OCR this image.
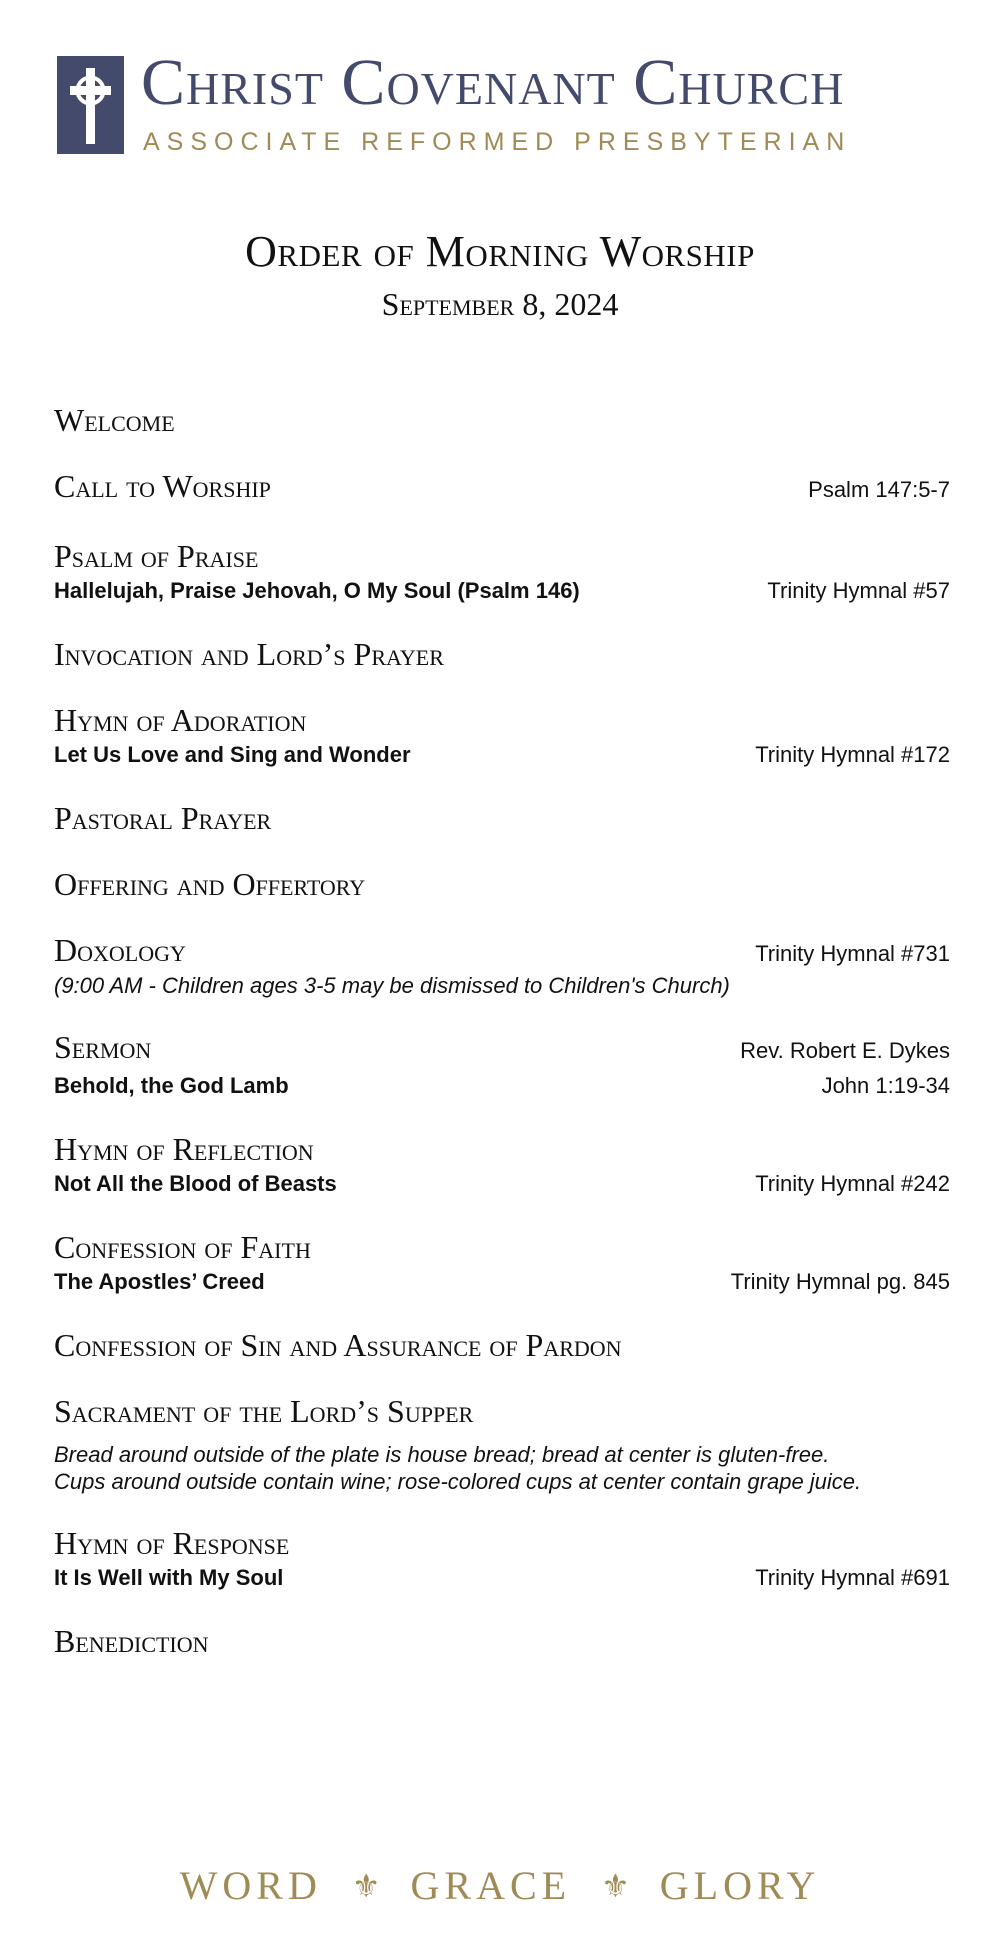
Christ Covenant Church
ASSOCIATE REFORMED PRESBYTERIAN
Order of Morning Worship
September 8, 2024
Welcome
Call to Worship	Psalm 147:5-7
Psalm of Praise
Hallelujah, Praise Jehovah, O My Soul (Psalm 146)	Trinity Hymnal #57
Invocation and Lord’s Prayer
Hymn of Adoration
Let Us Love and Sing and Wonder	Trinity Hymnal #172
Pastoral Prayer
Offering and Offertory
Doxology	Trinity Hymnal #731
(9:00 AM - Children ages 3-5 may be dismissed to Children's Church)
Sermon	Rev. Robert E. Dykes
Behold, the God Lamb	John 1:19-34
Hymn of Reflection
Not All the Blood of Beasts	Trinity Hymnal #242
Confession of Faith
The Apostles’ Creed	Trinity Hymnal pg. 845
Confession of Sin and Assurance of Pardon
Sacrament of the Lord’s Supper
Bread around outside of the plate is house bread; bread at center is gluten-free.
Cups around outside contain wine; rose-colored cups at center contain grape juice.
Hymn of Response
It Is Well with My Soul	Trinity Hymnal #691
Benediction
WORD ⚜ GRACE ⚜ GLORY
